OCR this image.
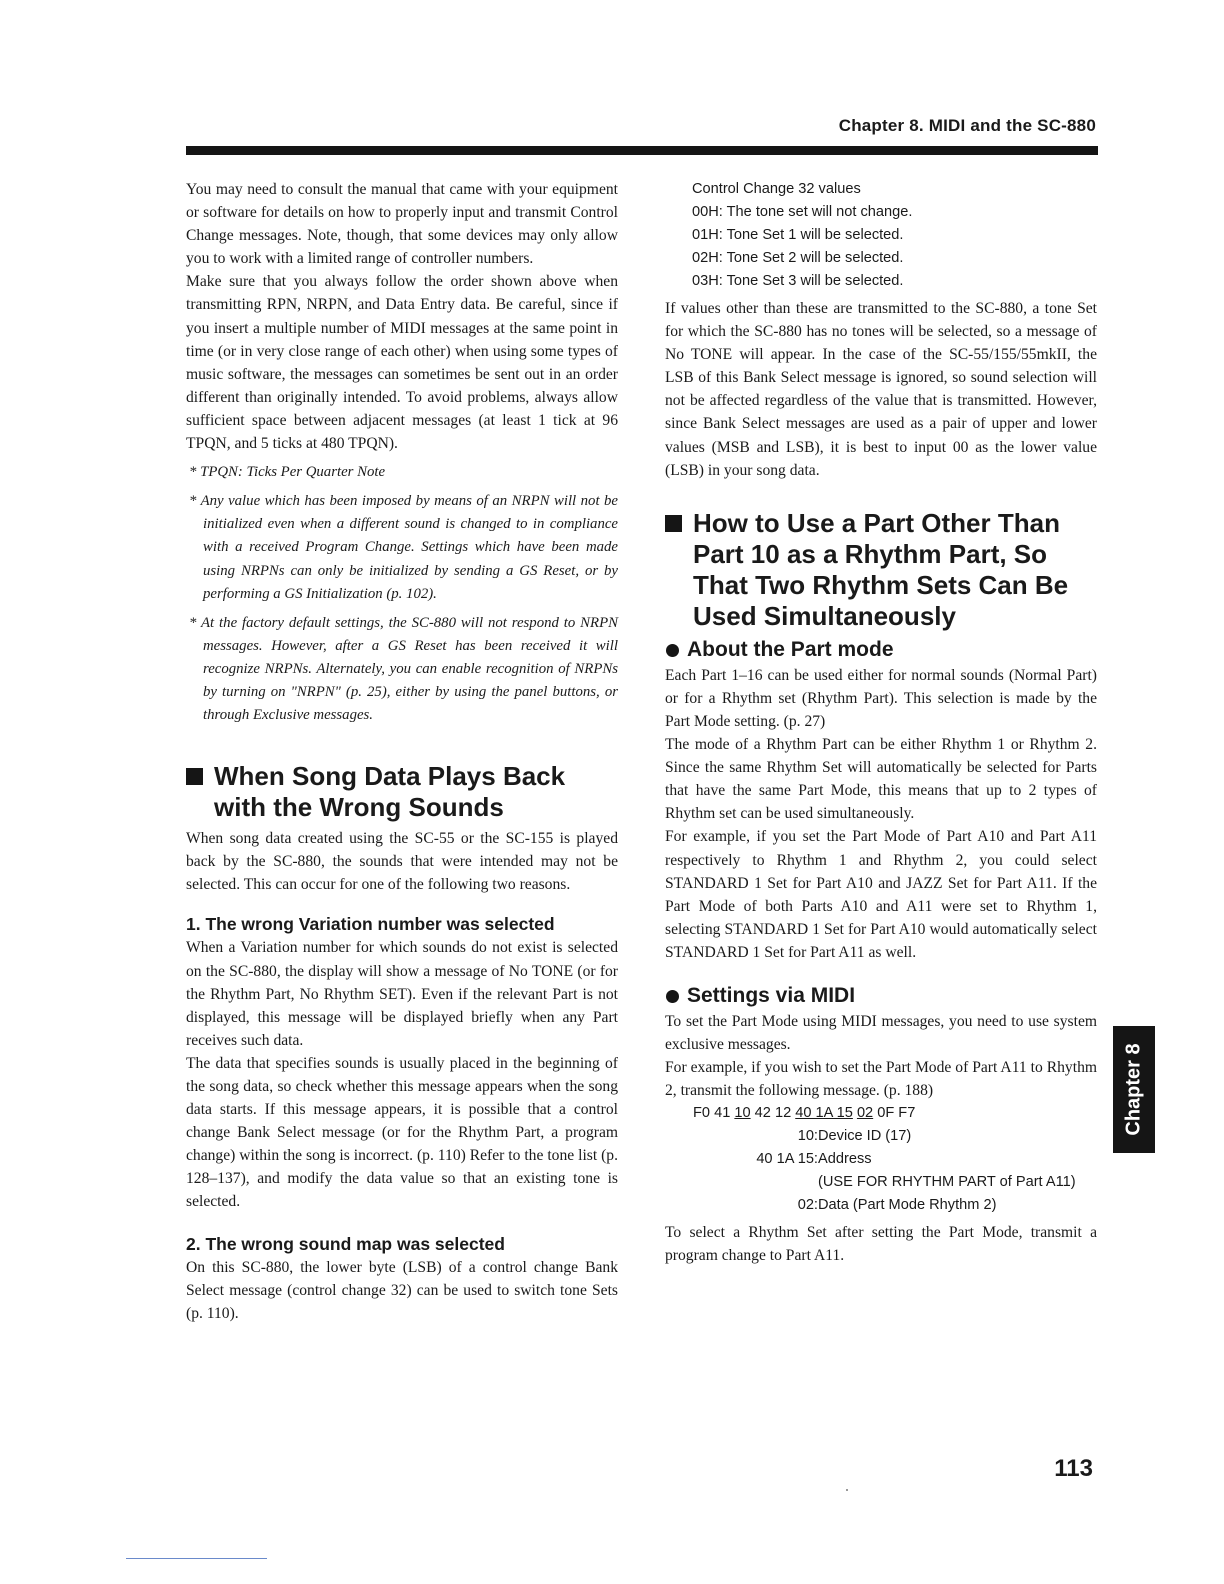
Chapter 8. MIDI and the SC-880

You may need to consult the manual that came with your equipment or software for details on how to properly input and transmit Control Change messages. Note, though, that some devices may only allow you to work with a limited range of controller numbers.

Make sure that you always follow the order shown above when transmitting RPN, NRPN, and Data Entry data. Be careful, since if you insert a multiple number of MIDI messages at the same point in time (or in very close range of each other) when using some types of music software, the messages can sometimes be sent out in an order different than originally intended. To avoid problems, always allow sufficient space between adjacent messages (at least 1 tick at 96 TPQN, and 5 ticks at 480 TPQN).

* TPQN: Ticks Per Quarter Note

* Any value which has been imposed by means of an NRPN will not be initialized even when a different sound is changed to in compliance with a received Program Change. Settings which have been made using NRPNs can only be initialized by sending a GS Reset, or by performing a GS Initialization (p. 102).

* At the factory default settings, the SC-880 will not respond to NRPN messages. However, after a GS Reset has been received it will recognize NRPNs. Alternately, you can enable recognition of NRPNs by turning on "NRPN" (p. 25), either by using the panel buttons, or through Exclusive messages.

When Song Data Plays Back with the Wrong Sounds

When song data created using the SC-55 or the SC-155 is played back by the SC-880, the sounds that were intended may not be selected. This can occur for one of the following two reasons.

1. The wrong Variation number was selected

When a Variation number for which sounds do not exist is selected on the SC-880, the display will show a message of No TONE (or for the Rhythm Part, No Rhythm SET). Even if the relevant Part is not displayed, this message will be displayed briefly when any Part receives such data.

The data that specifies sounds is usually placed in the beginning of the song data, so check whether this message appears when the song data starts. If this message appears, it is possible that a control change Bank Select message (or for the Rhythm Part, a program change) within the song is incorrect. (p. 110) Refer to the tone list (p. 128–137), and modify the data value so that an existing tone is selected.

2. The wrong sound map was selected

On this SC-880, the lower byte (LSB) of a control change Bank Select message (control change 32) can be used to switch tone Sets (p. 110).

Control Change 32 values
00H: The tone set will not change.
01H: Tone Set 1 will be selected.
02H: Tone Set 2 will be selected.
03H: Tone Set 3 will be selected.

If values other than these are transmitted to the SC-880, a tone Set for which the SC-880 has no tones will be selected, so a message of No TONE will appear. In the case of the SC-55/155/55mkII, the LSB of this Bank Select message is ignored, so sound selection will not be affected regardless of the value that is transmitted. However, since Bank Select messages are used as a pair of upper and lower values (MSB and LSB), it is best to input 00 as the lower value (LSB) in your song data.

How to Use a Part Other Than Part 10 as a Rhythm Part, So That Two Rhythm Sets Can Be Used Simultaneously
About the Part mode

Each Part 1–16 can be used either for normal sounds (Normal Part) or for a Rhythm set (Rhythm Part). This selection is made by the Part Mode setting. (p. 27)

The mode of a Rhythm Part can be either Rhythm 1 or Rhythm 2. Since the same Rhythm Set will automatically be selected for Parts that have the same Part Mode, this means that up to 2 types of Rhythm set can be used simultaneously.

For example, if you set the Part Mode of Part A10 and Part A11 respectively to Rhythm 1 and Rhythm 2, you could select STANDARD 1 Set for Part A10 and JAZZ Set for Part A11. If the Part Mode of both Parts A10 and A11 were set to Rhythm 1, selecting STANDARD 1 Set for Part A10 would automatically select STANDARD 1 Set for Part A11 as well.

Settings via MIDI

To set the Part Mode using MIDI messages, you need to use system exclusive messages.

For example, if you wish to set the Part Mode of Part A11 to Rhythm 2, transmit the following message. (p. 188)

F0 41 10 42 12 40 1A 15 02 0F F7
10: Device ID (17)
40 1A 15: Address
(USE FOR RHYTHM PART of Part A11)
02: Data (Part Mode Rhythm 2)

To select a Rhythm Set after setting the Part Mode, transmit a program change to Part A11.

Chapter 8
113
